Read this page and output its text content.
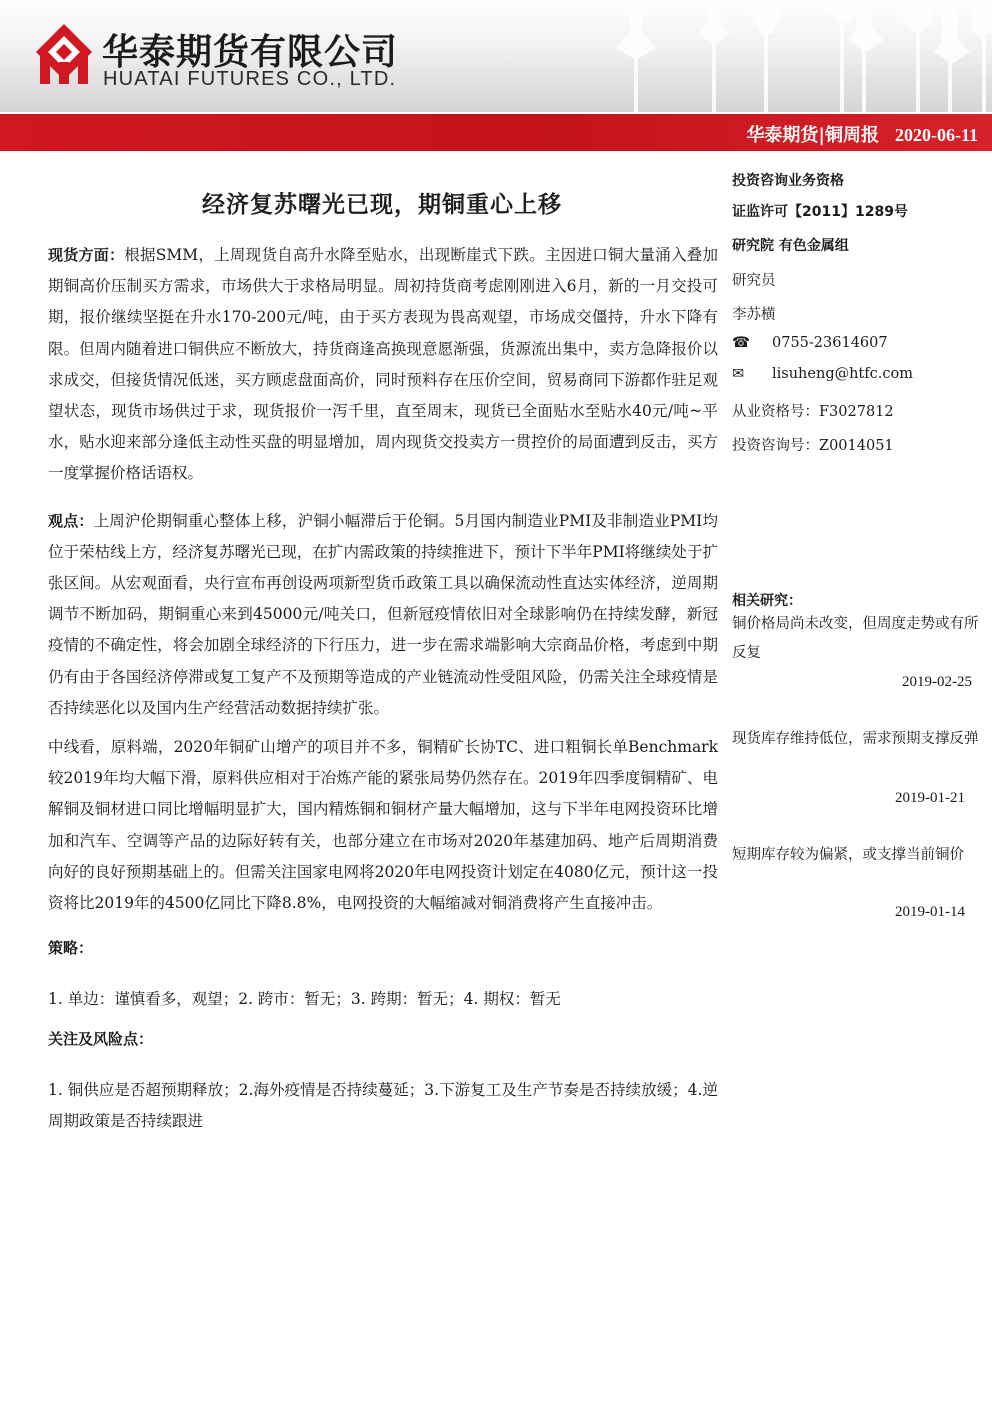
华泰期货有限公司
HUATAI FUTURES CO., LTD.
华泰期货|铜周报 2020-06-11
经济复苏曙光已现，期铜重心上移

现货方面：根据SMM，上周现货自高升水降至贴水，出现断崖式下跌。主因进口铜大量涌入叠加期铜高价压制买方需求，市场供大于求格局明显。周初持货商考虑刚刚进入6月，新的一月交投可期，报价继续坚挺在升水170-200元/吨，由于买方表现为畏高观望，市场成交僵持，升水下降有限。但周内随着进口铜供应不断放大，持货商逢高换现意愿渐强，货源流出集中，卖方急降报价以求成交，但接货情况低迷，买方顾虑盘面高价，同时预料存在压价空间，贸易商同下游都作驻足观望状态，现货市场供过于求，现货报价一泻千里，直至周末，现货已全面贴水至贴水40元/吨~平水，贴水迎来部分逢低主动性买盘的明显增加，周内现货交投卖方一贯控价的局面遭到反击，买方一度掌握价格话语权。

观点：上周沪伦期铜重心整体上移，沪铜小幅滞后于伦铜。5月国内制造业PMI及非制造业PMI均位于荣枯线上方，经济复苏曙光已现，在扩内需政策的持续推进下，预计下半年PMI将继续处于扩张区间。从宏观面看，央行宣布再创设两项新型货币政策工具以确保流动性直达实体经济，逆周期调节不断加码，期铜重心来到45000元/吨关口，但新冠疫情依旧对全球影响仍在持续发酵，新冠疫情的不确定性，将会加剧全球经济的下行压力，进一步在需求端影响大宗商品价格，考虑到中期仍有由于各国经济停滞或复工复产不及预期等造成的产业链流动性受阻风险，仍需关注全球疫情是否持续恶化以及国内生产经营活动数据持续扩张。

中线看，原料端，2020年铜矿山增产的项目并不多，铜精矿长协TC、进口粗铜长单Benchmark较2019年均大幅下滑，原料供应相对于冶炼产能的紧张局势仍然存在。2019年四季度铜精矿、电解铜及铜材进口同比增幅明显扩大，国内精炼铜和铜材产量大幅增加，这与下半年电网投资环比增加和汽车、空调等产品的边际好转有关，也部分建立在市场对2020年基建加码、地产后周期消费向好的良好预期基础上的。但需关注国家电网将2020年电网投资计划定在4080亿元，预计这一投资将比2019年的4500亿同比下降8.8%，电网投资的大幅缩减对铜消费将产生直接冲击。

策略：

1. 单边：谨慎看多，观望；2. 跨市：暂无；3. 跨期：暂无；4. 期权：暂无

关注及风险点：

1. 铜供应是否超预期释放；2.海外疫情是否持续蔓延；3.下游复工及生产节奏是否持续放缓；4.逆周期政策是否持续跟进

投资咨询业务资格
证监许可【2011】1289号
研究院 有色金属组
研究员
李苏横
☎ 0755-23614607
✉ lisuheng@htfc.com
从业资格号：F3027812
投资咨询号：Z0014051
相关研究：
铜价格局尚未改变，但周度走势或有所反复
2019-02-25
现货库存维持低位，需求预期支撑反弹
2019-01-21
短期库存较为偏紧，或支撑当前铜价
2019-01-14
